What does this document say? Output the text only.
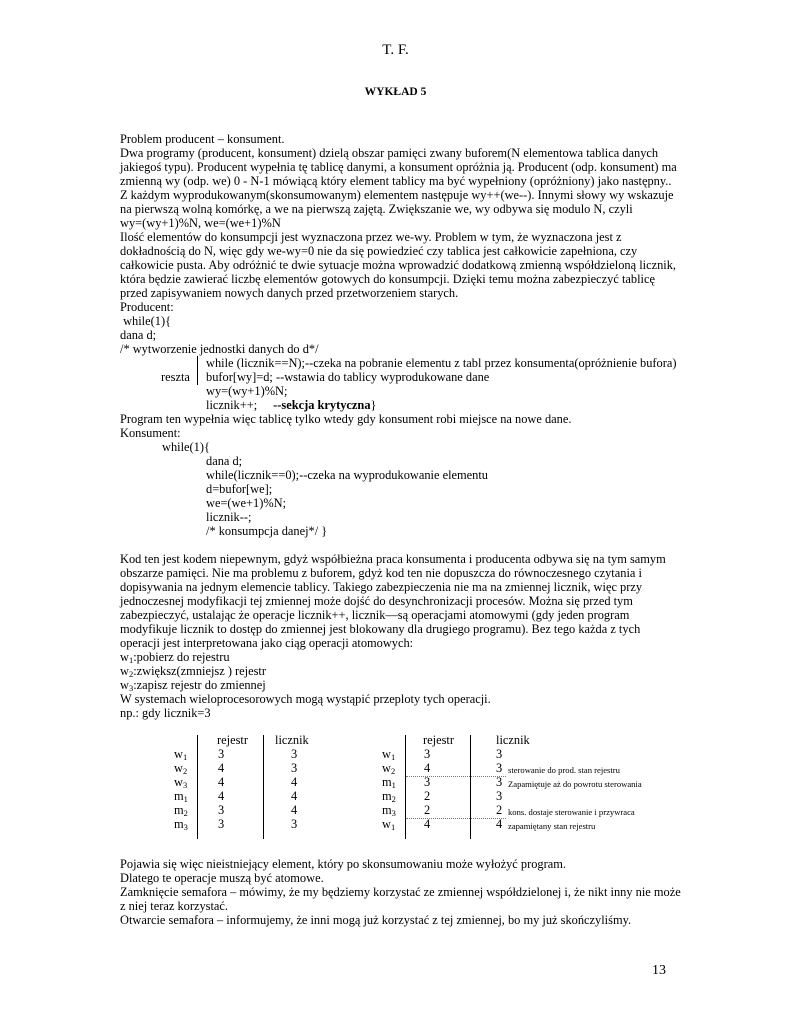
T. F.
WYKŁAD 5
Problem producent – konsument.
Dwa programy (producent, konsument) dzielą obszar pamięci zwany buforem(N elementowa tablica danych
jakiegoś typu). Producent wypełnia tę tablicę danymi, a konsument opróżnia ją. Producent (odp. konsument) ma
zmienną wy (odp. we) 0 - N-1 mówiącą który element tablicy ma być wypełniony (opróżniony) jako następny..
Z każdym wyprodukowanym(skonsumowanym) elementem następuje wy++(we--). Innymi słowy wy wskazuje
na pierwszą wolną komórkę, a we na pierwszą zajętą. Zwiększanie we, wy odbywa się modulo N, czyli
wy=(wy+1)%N, we=(we+1)%N
Ilość elementów do konsumpcji jest wyznaczona przez we-wy. Problem w tym, że wyznaczona jest z
dokładnością do N, więc gdy we-wy=0 nie da się powiedzieć czy tablica jest całkowicie zapełniona, czy
całkowicie pusta. Aby odróżnić te dwie sytuacje można wprowadzić dodatkową zmienną współdzieloną licznik,
która będzie zawierać liczbę elementów gotowych do konsumpcji. Dzięki temu można zabezpieczyć tablicę
przed zapisywaniem nowych danych przed przetworzeniem starych.
Producent:
while(1){
dana d;
/* wytworzenie jednostki danych do d*/
reszta
while (licznik==N);--czeka na pobranie elementu z tabl przez konsumenta(opróżnienie bufora)
bufor[wy]=d; --wstawia do tablicy wyprodukowane dane
wy=(wy+1)%N;
licznik++; --sekcja krytyczna}
Program ten wypełnia więc tablicę tylko wtedy gdy konsument robi miejsce na nowe dane.
Konsument:
while(1){
dana d;
while(licznik==0);--czeka na wyprodukowanie elementu
d=bufor[we];
we=(we+1)%N;
licznik--;
/* konsumpcja danej*/ }
Kod ten jest kodem niepewnym, gdyż współbieżna praca konsumenta i producenta odbywa się na tym samym
obszarze pamięci. Nie ma problemu z buforem, gdyż kod ten nie dopuszcza do równoczesnego czytania i
dopisywania na jednym elemencie tablicy. Takiego zabezpieczenia nie ma na zmiennej licznik, więc przy
jednoczesnej modyfikacji tej zmiennej może dojść do desynchronizacji procesów. Można się przed tym
zabezpieczyć, ustalając że operacje licznik++, licznik—są operacjami atomowymi (gdy jeden program
modyfikuje licznik to dostęp do zmiennej jest blokowany dla drugiego programu). Bez tego każda z tych
operacji jest interpretowana jako ciąg operacji atomowych:
$w_1:pobierz$ do rejestru
$w_2:zwiększ(zmniejsz$ ) rejestr
$w_3:zapisz$ rejestr do zmiennej
W systemach wieloprocesorowych mogą wystąpić przeploty tych operacji.
np.: gdy licznik=3
rejestr licznik
$w_1$ 3	3
$w_2$ 4	3
$w_3$ 4	4
$m_1$ 4	4
$m_2$ 3	4
$m_3$ 3	3
rejestr	licznik
$w_1$ 3	3
$w_2$ 4	3 sterowanie do prod. stan rejestru
$m_1$ 3	3 Zapamiętuje aż do powrotu sterowania
$m_2$ 2	3
$m_3$ 2	2 kons. dostaje sterowanie i przywraca
$w_1$ 4	4 zapamiętany stan rejestru
Pojawia się więc nieistniejący element, który po skonsumowaniu może wyłożyć program.
Dlatego te operacje muszą być atomowe.
Zamknięcie semafora – mówimy, że my będziemy korzystać ze zmiennej współdzielonej i, że nikt inny nie może
z niej teraz korzystać.
Otwarcie semafora – informujemy, że inni mogą już korzystać z tej zmiennej, bo my już skończyliśmy.
13
